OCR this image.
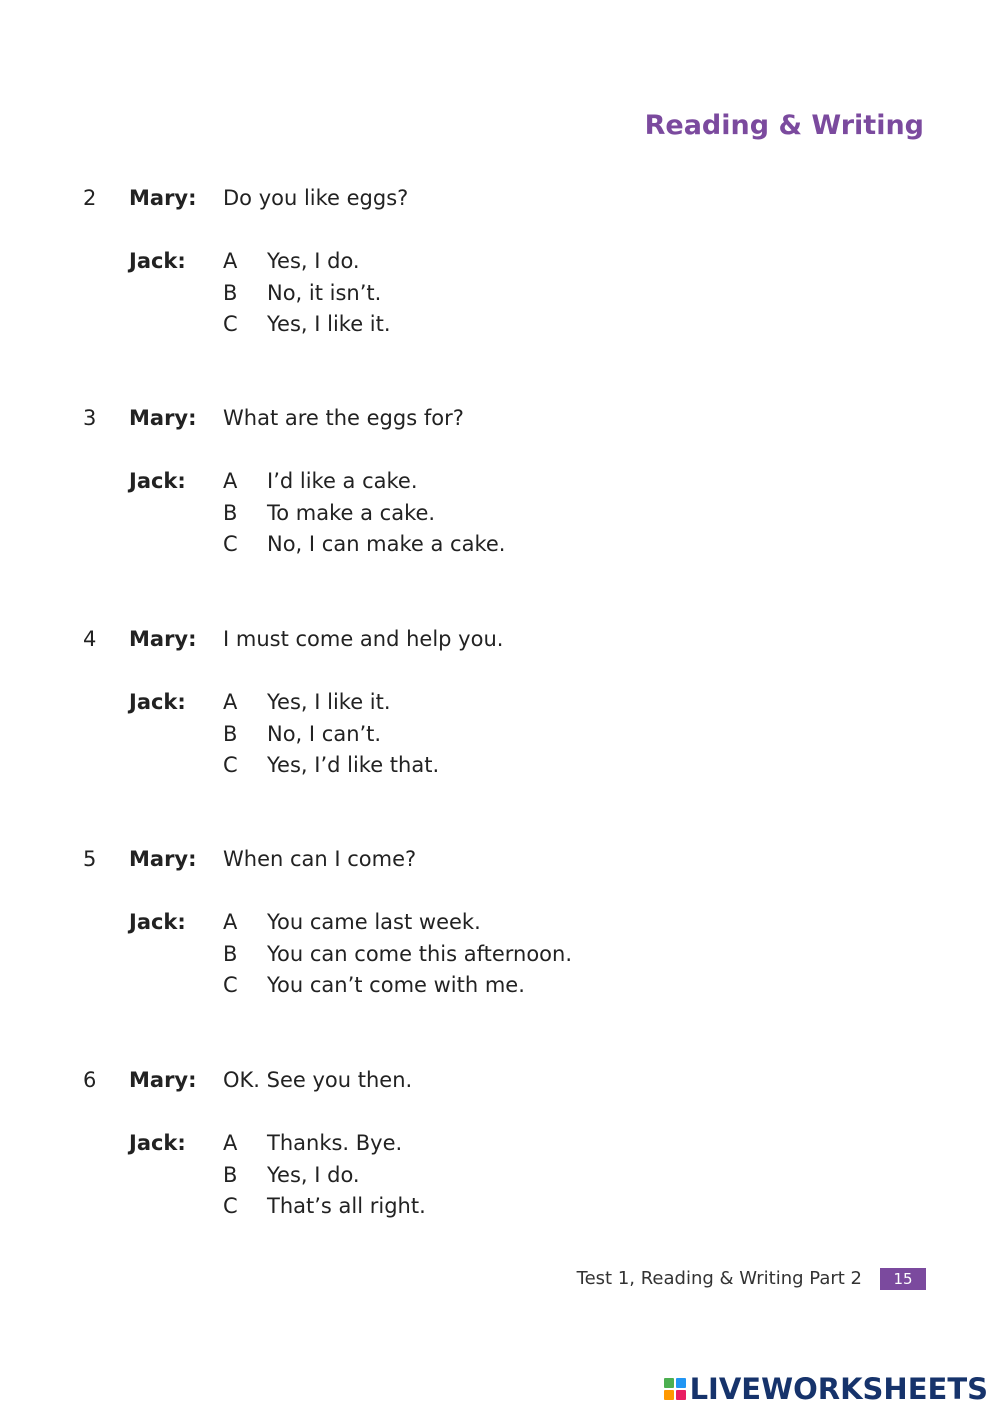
Reading & Writing
2 Mary: Do you like eggs?
Jack: A Yes, I do.
B No, it isn’t.
C Yes, I like it.
3 Mary: What are the eggs for?
Jack: A I’d like a cake.
B To make a cake.
C No, I can make a cake.
4 Mary: I must come and help you.
Jack: A Yes, I like it.
B No, I can’t.
C Yes, I’d like that.
5 Mary: When can I come?
Jack: A You came last week.
B You can come this afternoon.
C You can’t come with me.
6 Mary: OK. See you then.
Jack: A Thanks. Bye.
B Yes, I do.
C That’s all right.
Test 1, Reading & Writing Part 2	15
LIVEWORKSHEETS
